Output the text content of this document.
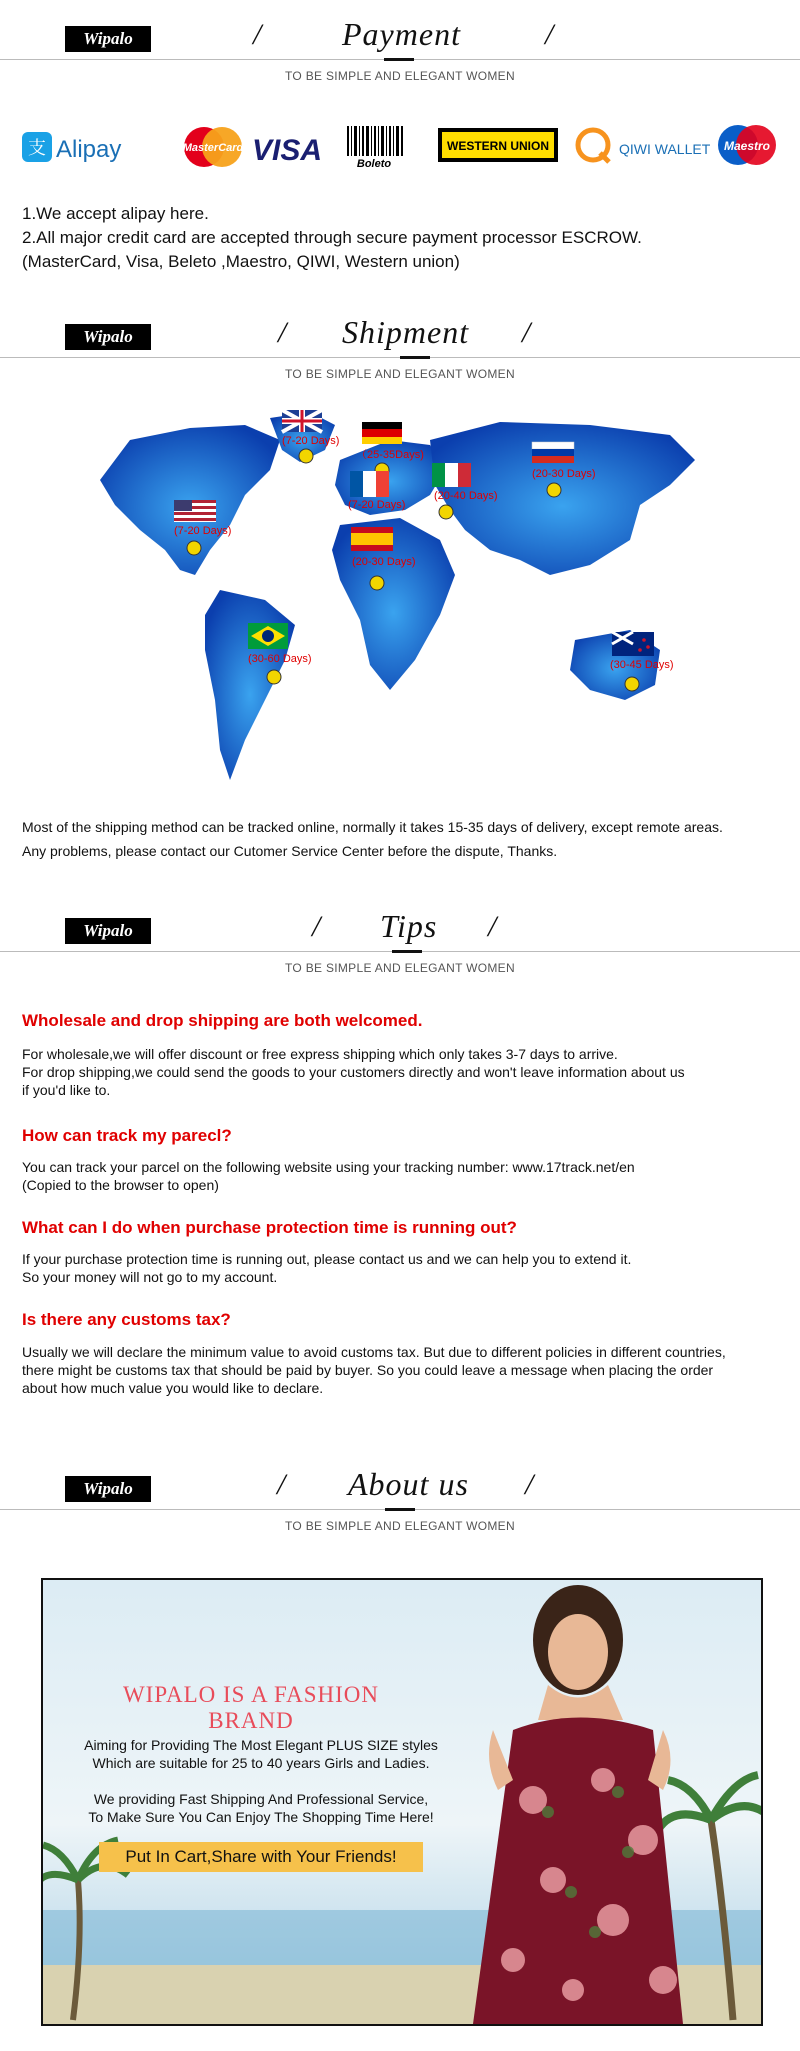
Wipalo	/	Payment	/
TO BE SIMPLE AND ELEGANT WOMEN
支 Alipay	MasterCard VISA	Boleto
WESTERN UNION	QIWI WALLET Maestro
1.We accept alipay here.
2.All major credit card are accepted through secure payment processor ESCROW.
(MasterCard, Visa, Beleto ,Maestro, QIWI, Western union)
Wipalo	/ Shipment /
TO BE SIMPLE AND ELEGANT WOMEN
(7-20 Days)
（25-35Days)
(20-30 Days)
(7-20 Days)
(20-40 Days)
(7-20 Days)
(20-30 Days)
(30-60 Days)	(30-45 Days)
Most of the shipping method can be tracked online, normally it takes 15-35 days of delivery, except remote areas.
Any problems, please contact our Cutomer Service Center before the dispute, Thanks.
Wipalo	/ Tips /
TO BE SIMPLE AND ELEGANT WOMEN
Wholesale and drop shipping are both welcomed.
For wholesale,we will offer discount or free express shipping which only takes 3-7 days to arrive.
For drop shipping,we could send the goods to your customers directly and won't leave information about us
if you'd like to.
How can track my parecl?
You can track your parcel on the following website using your tracking number: www.17track.net/en
(Copied to the browser to open)
What can I do when purchase protection time is running out?
If your purchase protection time is running out, please contact us and we can help you to extend it.
So your money will not go to my account.
Is there any customs tax?
Usually we will declare the minimum value to avoid customs tax. But due to different policies in different countries,
there might be customs tax that should be paid by buyer. So you could leave a message when placing the order
about how much value you would like to declare.
Wipalo	/ About us /
TO BE SIMPLE AND ELEGANT WOMEN
WIPALO IS A FASHION BRAND
Aiming for Providing The Most Elegant PLUS SIZE styles
Which are suitable for 25 to 40 years Girls and Ladies.
We providing Fast Shipping And Professional Service,
To Make Sure You Can Enjoy The Shopping Time Here!
Put In Cart,Share with Your Friends!
